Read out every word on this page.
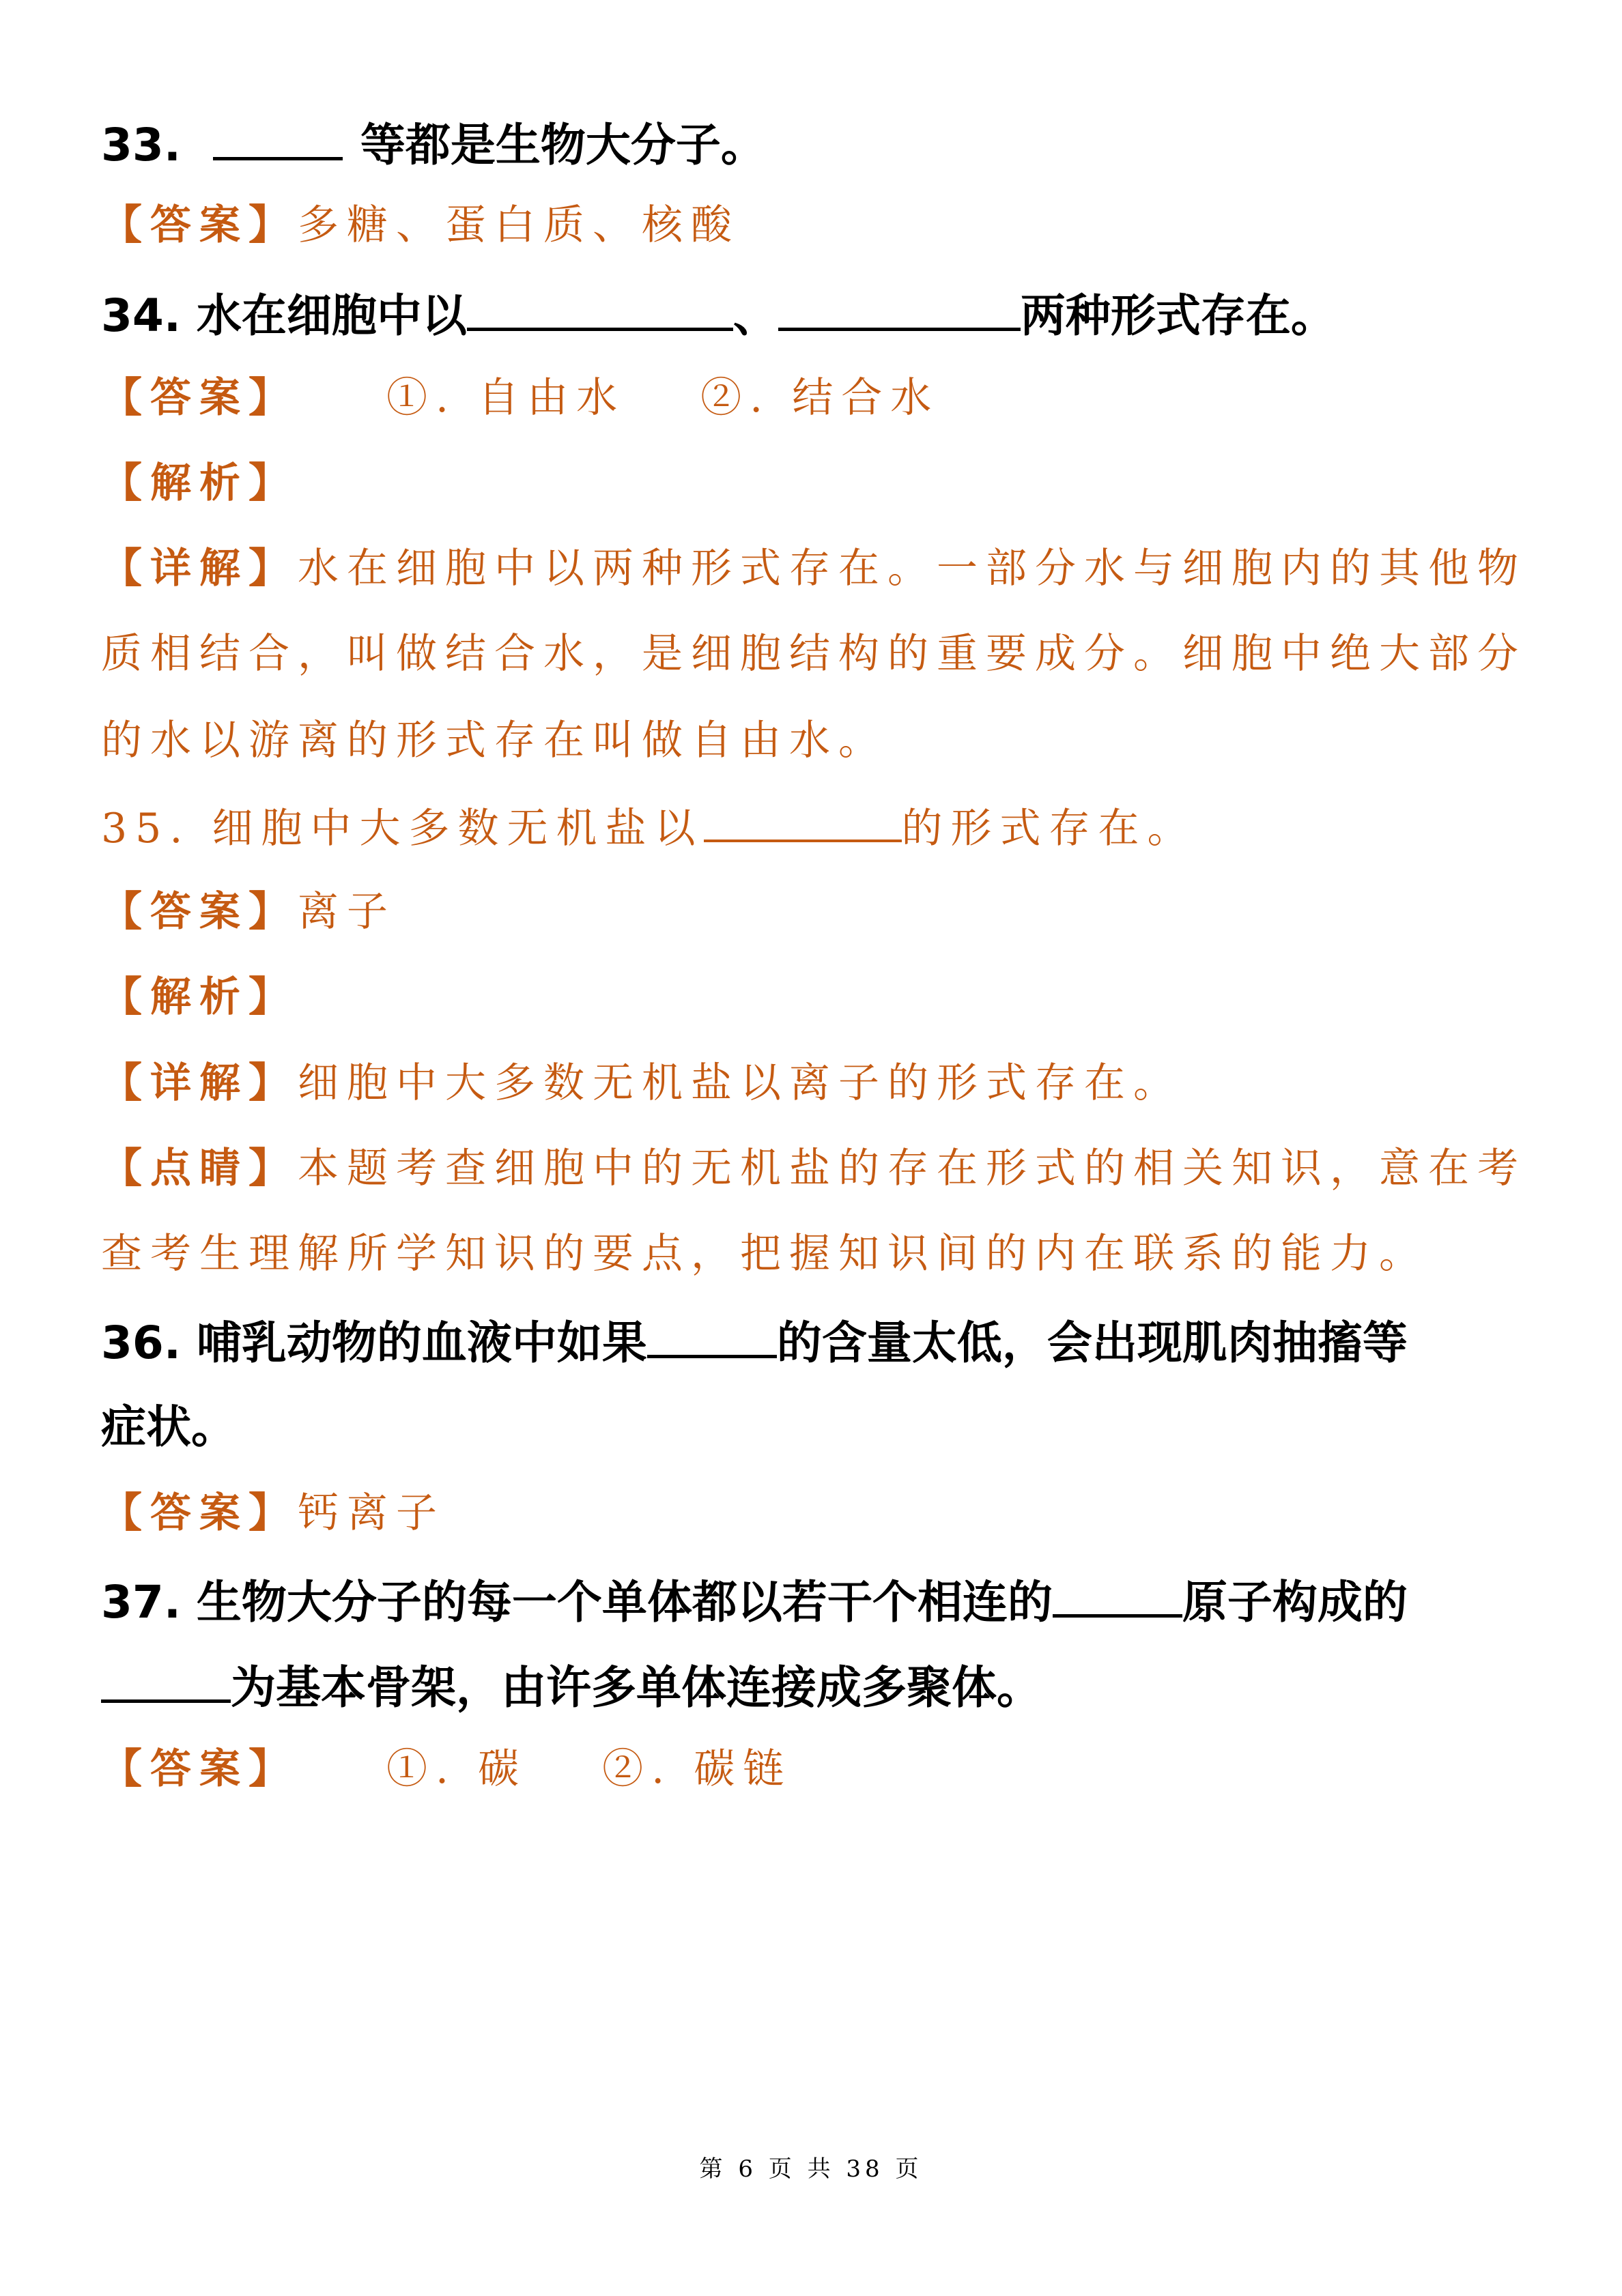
33.	等都是生物大分子。
【答案】多糖、蛋白质、核酸
34. 水在细胞中以	、	两种形式存在。
【答案】 ①. 自由水 ②. 结合水
【解析】
【详解】水在细胞中以两种形式存在。一部分水与细胞内的其他物
质相结合，叫做结合水，是细胞结构的重要成分。细胞中绝大部分
的水以游离的形式存在叫做自由水。
35. 细胞中大多数无机盐以	的形式存在。
【答案】离子
【解析】
【详解】细胞中大多数无机盐以离子的形式存在。
【点睛】本题考查细胞中的无机盐的存在形式的相关知识，意在考
查考生理解所学知识的要点，把握知识间的内在联系的能力。
36. 哺乳动物的血液中如果	的含量太低，会出现肌肉抽搐等
症状。
【答案】钙离子
37. 生物大分子的每一个单体都以若干个相连的	原子构成的
为基本骨架，由许多单体连接成多聚体。
【答案】 ①. 碳 ②. 碳链
第 6 页 共 38 页
